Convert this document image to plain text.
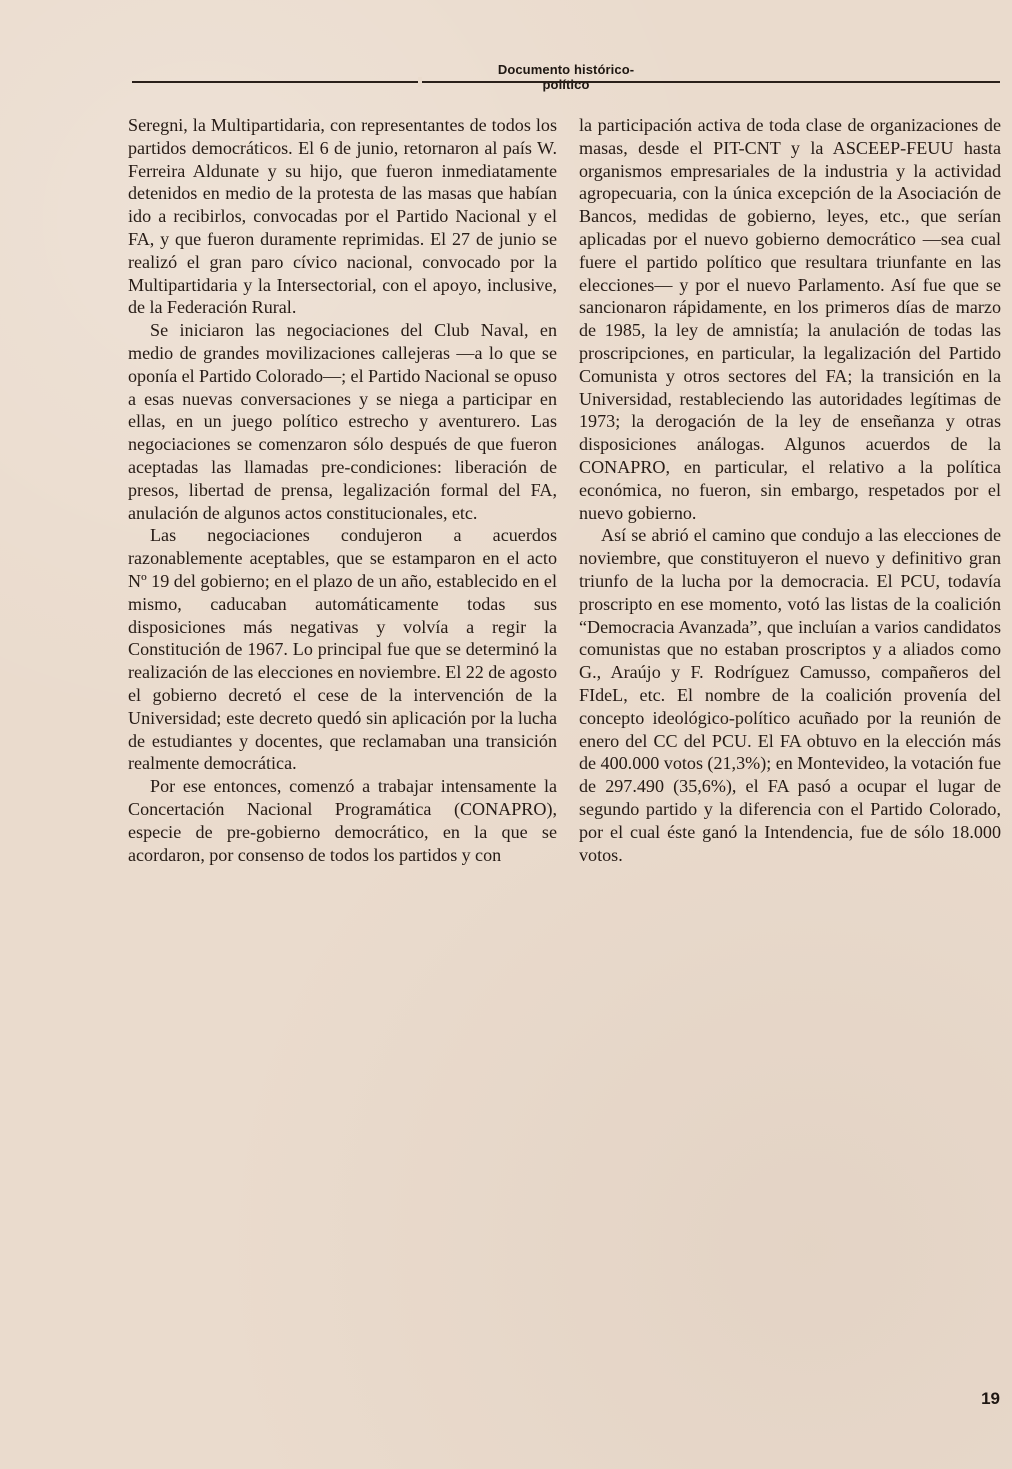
Documento histórico-político

Seregni, la Multipartidaria, con representantes de todos los partidos democráticos. El 6 de junio, retornaron al país W. Ferreira Aldunate y su hijo, que fueron inmediatamente detenidos en medio de la protesta de las masas que habían ido a recibirlos, convocadas por el Partido Nacional y el FA, y que fueron duramente reprimidas. El 27 de junio se realizó el gran paro cívico nacional, convocado por la Multipartidaria y la Intersectorial, con el apoyo, inclusive, de la Federación Rural.

Se iniciaron las negociaciones del Club Naval, en medio de grandes movilizaciones callejeras —a lo que se oponía el Partido Colorado—; el Partido Nacional se opuso a esas nuevas conversaciones y se niega a participar en ellas, en un juego político estrecho y aventurero. Las negociaciones se comenzaron sólo después de que fueron aceptadas las llamadas pre-condiciones: liberación de presos, libertad de prensa, legalización formal del FA, anulación de algunos actos constitucionales, etc.

Las negociaciones condujeron a acuerdos razonablemente aceptables, que se estamparon en el acto Nº 19 del gobierno; en el plazo de un año, establecido en el mismo, caducaban automáticamente todas sus disposiciones más negativas y volvía a regir la Constitución de 1967. Lo principal fue que se determinó la realización de las elecciones en noviembre. El 22 de agosto el gobierno decretó el cese de la intervención de la Universidad; este decreto quedó sin aplicación por la lucha de estudiantes y docentes, que reclamaban una transición realmente democrática.

Por ese entonces, comenzó a trabajar intensamente la Concertación Nacional Programática (CONAPRO), especie de pre-gobierno democrático, en la que se acordaron, por consenso de todos los partidos y con

la participación activa de toda clase de organizaciones de masas, desde el PIT-CNT y la ASCEEP-FEUU hasta organismos empresariales de la industria y la actividad agropecuaria, con la única excepción de la Asociación de Bancos, medidas de gobierno, leyes, etc., que serían aplicadas por el nuevo gobierno democrático —sea cual fuere el partido político que resultara triunfante en las elecciones— y por el nuevo Parlamento. Así fue que se sancionaron rápidamente, en los primeros días de marzo de 1985, la ley de amnistía; la anulación de todas las proscripciones, en particular, la legalización del Partido Comunista y otros sectores del FA; la transición en la Universidad, restableciendo las autoridades legítimas de 1973; la derogación de la ley de enseñanza y otras disposiciones análogas. Algunos acuerdos de la CONAPRO, en particular, el relativo a la política económica, no fueron, sin embargo, respetados por el nuevo gobierno.

Así se abrió el camino que condujo a las elecciones de noviembre, que constituyeron el nuevo y definitivo gran triunfo de la lucha por la democracia. El PCU, todavía proscripto en ese momento, votó las listas de la coalición “Democracia Avanzada”, que incluían a varios candidatos comunistas que no estaban proscriptos y a aliados como G., Araújo y F. Rodríguez Camusso, compañeros del FIdeL, etc. El nombre de la coalición provenía del concepto ideológico-político acuñado por la reunión de enero del CC del PCU. El FA obtuvo en la elección más de 400.000 votos (21,3%); en Montevideo, la votación fue de 297.490 (35,6%), el FA pasó a ocupar el lugar de segundo partido y la diferencia con el Partido Colorado, por el cual éste ganó la Intendencia, fue de sólo 18.000 votos.

19
